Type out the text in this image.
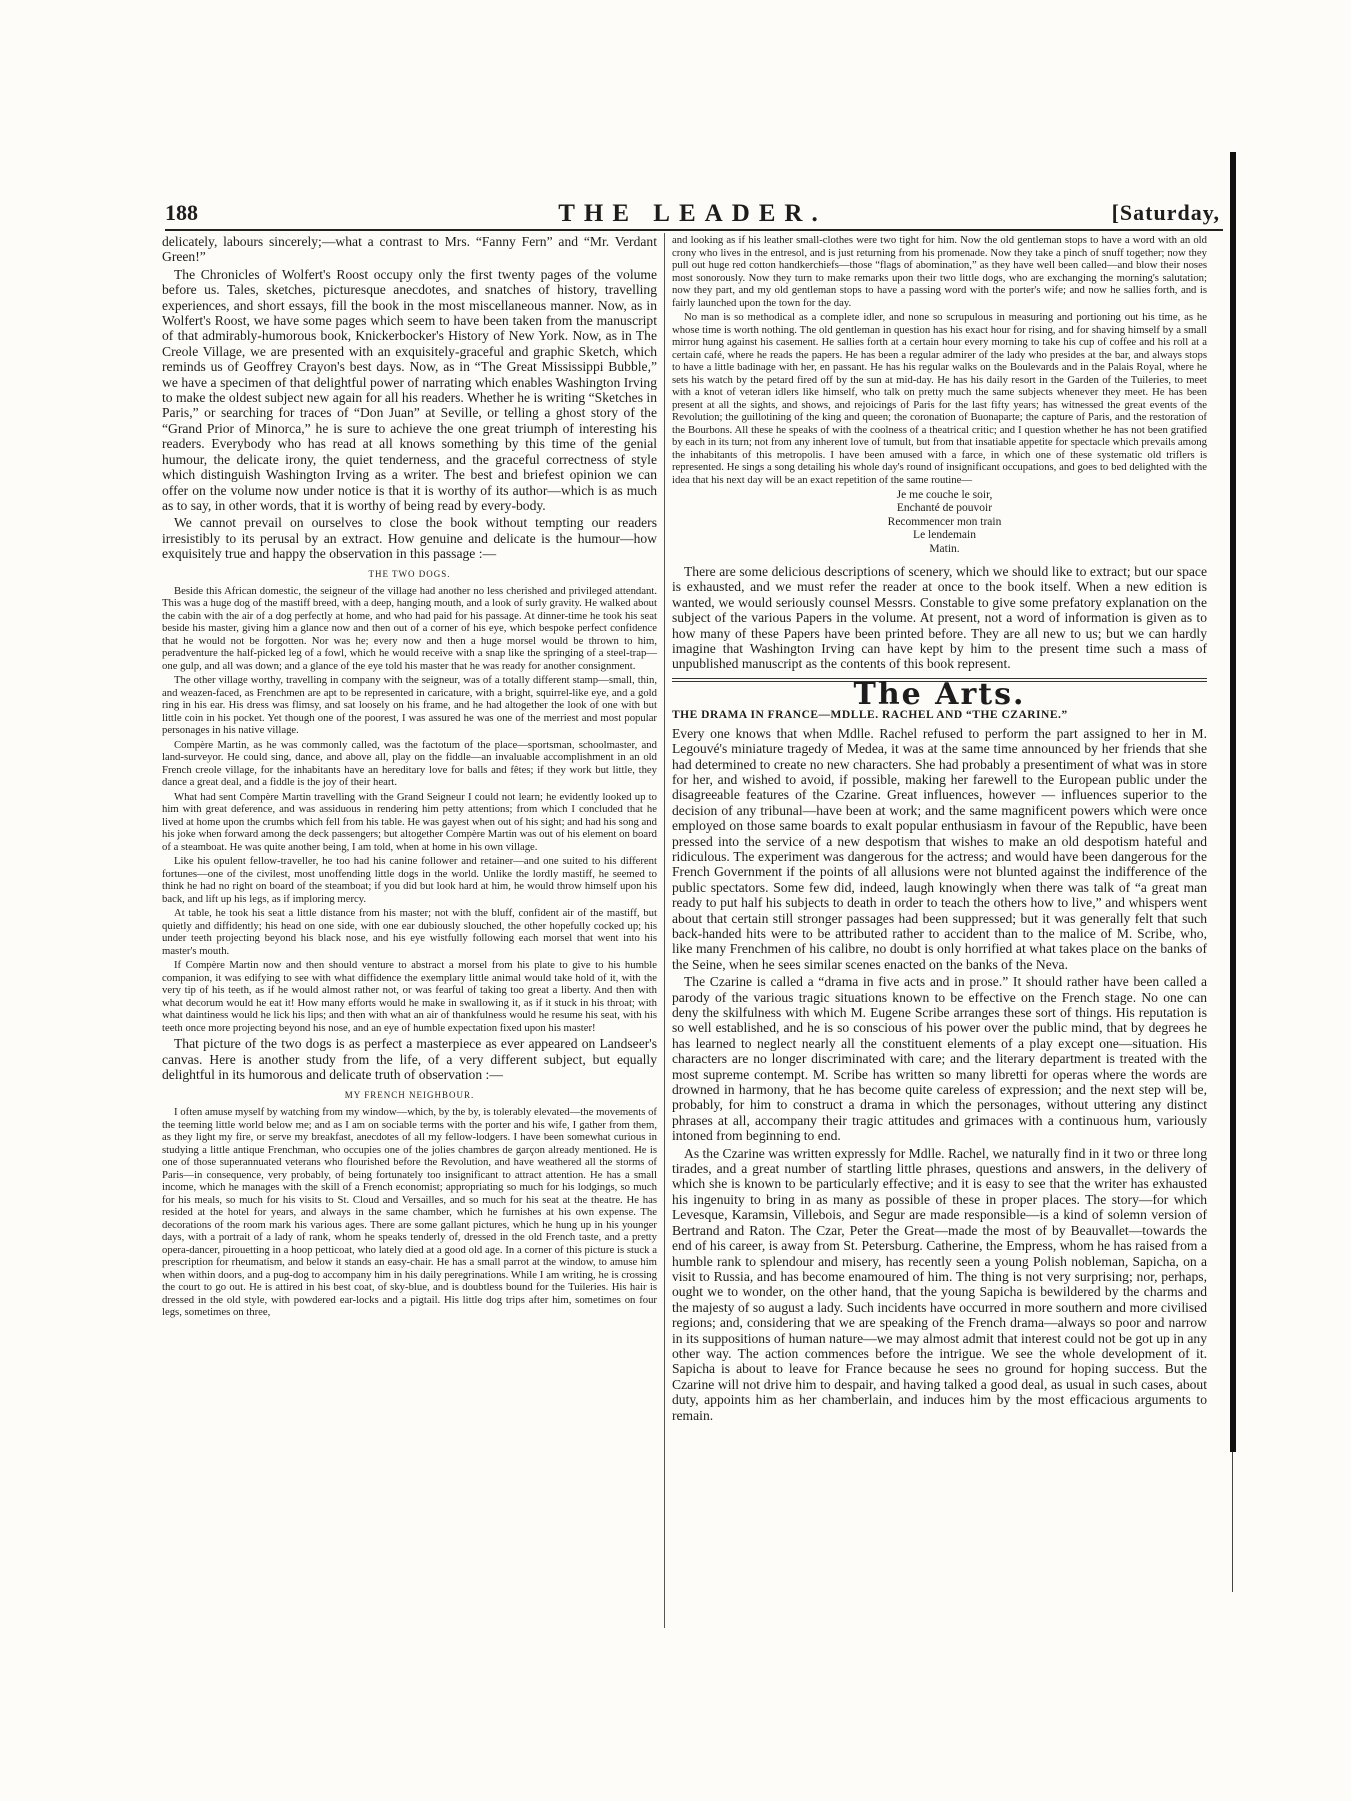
188	THE LEADER.	[Saturday,

delicately, labours sincerely;—what a contrast to Mrs. “Fanny Fern” and “Mr. Verdant Green!”

The Chronicles of Wolfert's Roost occupy only the first twenty pages of the volume before us. Tales, sketches, picturesque anecdotes, and snatches of history, travelling experiences, and short essays, fill the book in the most miscellaneous manner. Now, as in Wolfert's Roost, we have some pages which seem to have been taken from the manuscript of that admirably-humorous book, Knickerbocker's History of New York. Now, as in The Creole Village, we are presented with an exquisitely-graceful and graphic Sketch, which reminds us of Geoffrey Crayon's best days. Now, as in “The Great Mississippi Bubble,” we have a specimen of that delightful power of narrating which enables Washington Irving to make the oldest subject new again for all his readers. Whether he is writing “Sketches in Paris,” or searching for traces of “Don Juan” at Seville, or telling a ghost story of the “Grand Prior of Minorca,” he is sure to achieve the one great triumph of interesting his readers. Everybody who has read at all knows something by this time of the genial humour, the delicate irony, the quiet tenderness, and the graceful correctness of style which distinguish Washington Irving as a writer. The best and briefest opinion we can offer on the volume now under notice is that it is worthy of its author—which is as much as to say, in other words, that it is worthy of being read by every-body.

We cannot prevail on ourselves to close the book without tempting our readers irresistibly to its perusal by an extract. How genuine and delicate is the humour—how exquisitely true and happy the observation in this passage :—

THE TWO DOGS.

Beside this African domestic, the seigneur of the village had another no less cherished and privileged attendant. This was a huge dog of the mastiff breed, with a deep, hanging mouth, and a look of surly gravity. He walked about the cabin with the air of a dog perfectly at home, and who had paid for his passage. At dinner-time he took his seat beside his master, giving him a glance now and then out of a corner of his eye, which bespoke perfect confidence that he would not be forgotten. Nor was he; every now and then a huge morsel would be thrown to him, peradventure the half-picked leg of a fowl, which he would receive with a snap like the springing of a steel-trap—one gulp, and all was down; and a glance of the eye told his master that he was ready for another consignment.

The other village worthy, travelling in company with the seigneur, was of a totally different stamp—small, thin, and weazen-faced, as Frenchmen are apt to be represented in caricature, with a bright, squirrel-like eye, and a gold ring in his ear. His dress was flimsy, and sat loosely on his frame, and he had altogether the look of one with but little coin in his pocket. Yet though one of the poorest, I was assured he was one of the merriest and most popular personages in his native village.

Compère Martin, as he was commonly called, was the factotum of the place—sportsman, schoolmaster, and land-surveyor. He could sing, dance, and above all, play on the fiddle—an invaluable accomplishment in an old French creole village, for the inhabitants have an hereditary love for balls and fêtes; if they work but little, they dance a great deal, and a fiddle is the joy of their heart.

What had sent Compère Martin travelling with the Grand Seigneur I could not learn; he evidently looked up to him with great deference, and was assiduous in rendering him petty attentions; from which I concluded that he lived at home upon the crumbs which fell from his table. He was gayest when out of his sight; and had his song and his joke when forward among the deck passengers; but altogether Compère Martin was out of his element on board of a steamboat. He was quite another being, I am told, when at home in his own village.

Like his opulent fellow-traveller, he too had his canine follower and retainer—and one suited to his different fortunes—one of the civilest, most unoffending little dogs in the world. Unlike the lordly mastiff, he seemed to think he had no right on board of the steamboat; if you did but look hard at him, he would throw himself upon his back, and lift up his legs, as if imploring mercy.

At table, he took his seat a little distance from his master; not with the bluff, confident air of the mastiff, but quietly and diffidently; his head on one side, with one ear dubiously slouched, the other hopefully cocked up; his under teeth projecting beyond his black nose, and his eye wistfully following each morsel that went into his master's mouth.

If Compère Martin now and then should venture to abstract a morsel from his plate to give to his humble companion, it was edifying to see with what diffidence the exemplary little animal would take hold of it, with the very tip of his teeth, as if he would almost rather not, or was fearful of taking too great a liberty. And then with what decorum would he eat it! How many efforts would he make in swallowing it, as if it stuck in his throat; with what daintiness would he lick his lips; and then with what an air of thankfulness would he resume his seat, with his teeth once more projecting beyond his nose, and an eye of humble expectation fixed upon his master!

That picture of the two dogs is as perfect a masterpiece as ever appeared on Landseer's canvas. Here is another study from the life, of a very different subject, but equally delightful in its humorous and delicate truth of observation :—

MY FRENCH NEIGHBOUR.

I often amuse myself by watching from my window—which, by the by, is tolerably elevated—the movements of the teeming little world below me; and as I am on sociable terms with the porter and his wife, I gather from them, as they light my fire, or serve my breakfast, anecdotes of all my fellow-lodgers. I have been somewhat curious in studying a little antique Frenchman, who occupies one of the jolies chambres de garçon already mentioned. He is one of those superannuated veterans who flourished before the Revolution, and have weathered all the storms of Paris—in consequence, very probably, of being fortunately too insignificant to attract attention. He has a small income, which he manages with the skill of a French economist; appropriating so much for his lodgings, so much for his meals, so much for his visits to St. Cloud and Versailles, and so much for his seat at the theatre. He has resided at the hotel for years, and always in the same chamber, which he furnishes at his own expense. The decorations of the room mark his various ages. There are some gallant pictures, which he hung up in his younger days, with a portrait of a lady of rank, whom he speaks tenderly of, dressed in the old French taste, and a pretty opera-dancer, pirouetting in a hoop petticoat, who lately died at a good old age. In a corner of this picture is stuck a prescription for rheumatism, and below it stands an easy-chair. He has a small parrot at the window, to amuse him when within doors, and a pug-dog to accompany him in his daily peregrinations. While I am writing, he is crossing the court to go out. He is attired in his best coat, of sky-blue, and is doubtless bound for the Tuileries. His hair is dressed in the old style, with powdered ear-locks and a pigtail. His little dog trips after him, sometimes on four legs, sometimes on three,

and looking as if his leather small-clothes were two tight for him. Now the old gentleman stops to have a word with an old crony who lives in the entresol, and is just returning from his promenade. Now they take a pinch of snuff together; now they pull out huge red cotton handkerchiefs—those “flags of abomination,” as they have well been called—and blow their noses most sonorously. Now they turn to make remarks upon their two little dogs, who are exchanging the morning's salutation; now they part, and my old gentleman stops to have a passing word with the porter's wife; and now he sallies forth, and is fairly launched upon the town for the day.

No man is so methodical as a complete idler, and none so scrupulous in measuring and portioning out his time, as he whose time is worth nothing. The old gentleman in question has his exact hour for rising, and for shaving himself by a small mirror hung against his casement. He sallies forth at a certain hour every morning to take his cup of coffee and his roll at a certain café, where he reads the papers. He has been a regular admirer of the lady who presides at the bar, and always stops to have a little badinage with her, en passant. He has his regular walks on the Boulevards and in the Palais Royal, where he sets his watch by the petard fired off by the sun at mid-day. He has his daily resort in the Garden of the Tuileries, to meet with a knot of veteran idlers like himself, who talk on pretty much the same subjects whenever they meet. He has been present at all the sights, and shows, and rejoicings of Paris for the last fifty years; has witnessed the great events of the Revolution; the guillotining of the king and queen; the coronation of Buonaparte; the capture of Paris, and the restoration of the Bourbons. All these he speaks of with the coolness of a theatrical critic; and I question whether he has not been gratified by each in its turn; not from any inherent love of tumult, but from that insatiable appetite for spectacle which prevails among the inhabitants of this metropolis. I have been amused with a farce, in which one of these systematic old triflers is represented. He sings a song detailing his whole day's round of insignificant occupations, and goes to bed delighted with the idea that his next day will be an exact repetition of the same routine—

Je me couche le soir,
Enchanté de pouvoir
Recommencer mon train
Le lendemain
Matin.

There are some delicious descriptions of scenery, which we should like to extract; but our space is exhausted, and we must refer the reader at once to the book itself. When a new edition is wanted, we would seriously counsel Messrs. Constable to give some prefatory explanation on the subject of the various Papers in the volume. At present, not a word of information is given as to how many of these Papers have been printed before. They are all new to us; but we can hardly imagine that Washington Irving can have kept by him to the present time such a mass of unpublished manuscript as the contents of this book represent.

The Arts.
THE DRAMA IN FRANCE—MDLLE. RACHEL AND “THE CZARINE.”

Every one knows that when Mdlle. Rachel refused to perform the part assigned to her in M. Legouvé's miniature tragedy of Medea, it was at the same time announced by her friends that she had determined to create no new characters. She had probably a presentiment of what was in store for her, and wished to avoid, if possible, making her farewell to the European public under the disagreeable features of the Czarine. Great influences, however — influences superior to the decision of any tribunal—have been at work; and the same magnificent powers which were once employed on those same boards to exalt popular enthusiasm in favour of the Republic, have been pressed into the service of a new despotism that wishes to make an old despotism hateful and ridiculous. The experiment was dangerous for the actress; and would have been dangerous for the French Government if the points of all allusions were not blunted against the indifference of the public spectators. Some few did, indeed, laugh knowingly when there was talk of “a great man ready to put half his subjects to death in order to teach the others how to live,” and whispers went about that certain still stronger passages had been suppressed; but it was generally felt that such back-handed hits were to be attributed rather to accident than to the malice of M. Scribe, who, like many Frenchmen of his calibre, no doubt is only horrified at what takes place on the banks of the Seine, when he sees similar scenes enacted on the banks of the Neva.

The Czarine is called a “drama in five acts and in prose.” It should rather have been called a parody of the various tragic situations known to be effective on the French stage. No one can deny the skilfulness with which M. Eugene Scribe arranges these sort of things. His reputation is so well established, and he is so conscious of his power over the public mind, that by degrees he has learned to neglect nearly all the constituent elements of a play except one—situation. His characters are no longer discriminated with care; and the literary department is treated with the most supreme contempt. M. Scribe has written so many libretti for operas where the words are drowned in harmony, that he has become quite careless of expression; and the next step will be, probably, for him to construct a drama in which the personages, without uttering any distinct phrases at all, accompany their tragic attitudes and grimaces with a continuous hum, variously intoned from beginning to end.

As the Czarine was written expressly for Mdlle. Rachel, we naturally find in it two or three long tirades, and a great number of startling little phrases, questions and answers, in the delivery of which she is known to be particularly effective; and it is easy to see that the writer has exhausted his ingenuity to bring in as many as possible of these in proper places. The story—for which Levesque, Karamsin, Villebois, and Segur are made responsible—is a kind of solemn version of Bertrand and Raton. The Czar, Peter the Great—made the most of by Beauvallet—towards the end of his career, is away from St. Petersburg. Catherine, the Empress, whom he has raised from a humble rank to splendour and misery, has recently seen a young Polish nobleman, Sapicha, on a visit to Russia, and has become enamoured of him. The thing is not very surprising; nor, perhaps, ought we to wonder, on the other hand, that the young Sapicha is bewildered by the charms and the majesty of so august a lady. Such incidents have occurred in more southern and more civilised regions; and, considering that we are speaking of the French drama—always so poor and narrow in its suppositions of human nature—we may almost admit that interest could not be got up in any other way. The action commences before the intrigue. We see the whole development of it. Sapicha is about to leave for France because he sees no ground for hoping success. But the Czarine will not drive him to despair, and having talked a good deal, as usual in such cases, about duty, appoints him as her chamberlain, and induces him by the most efficacious arguments to remain.
